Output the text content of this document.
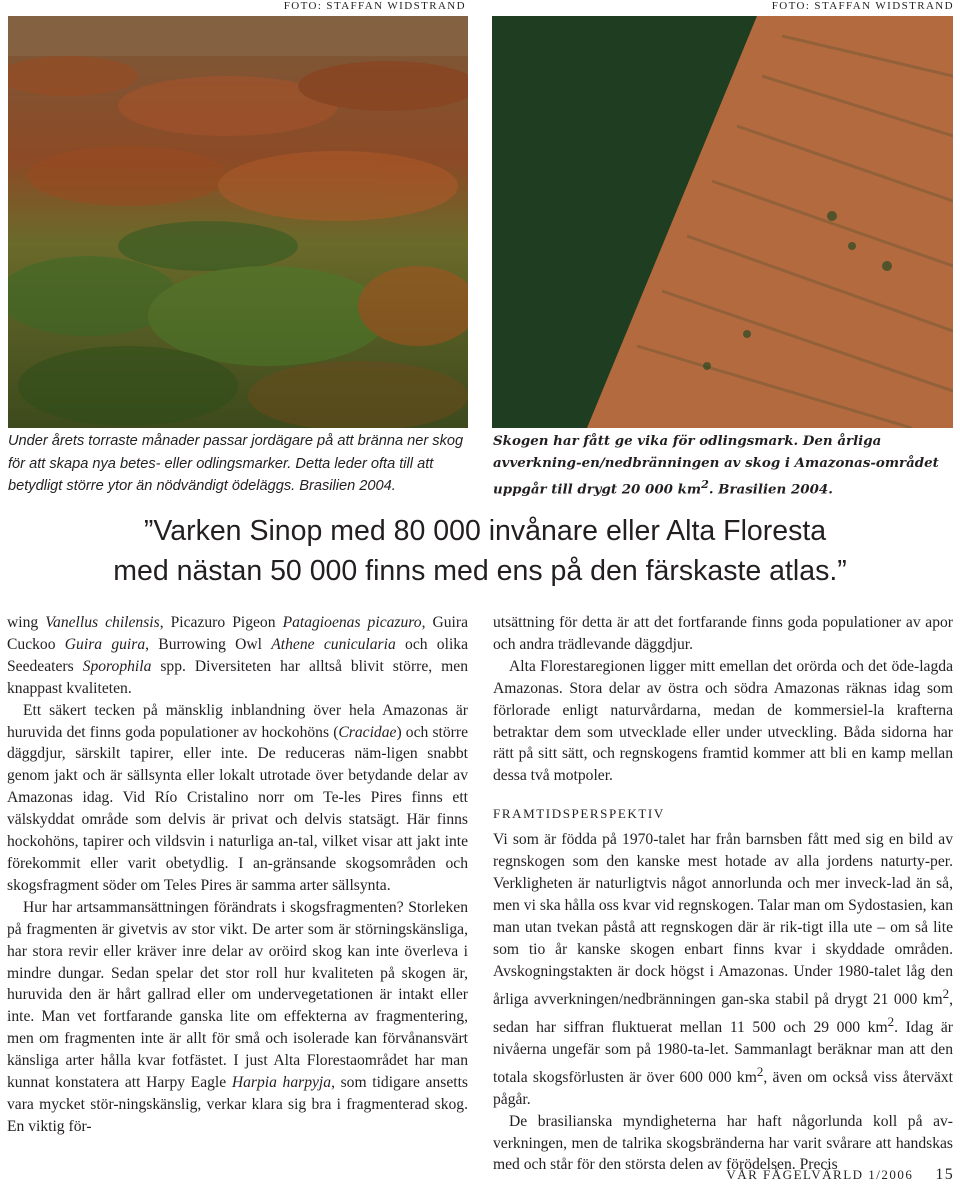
FOTO: STAFFAN WIDSTRAND	FOTO: STAFFAN WIDSTRAND
Under årets torraste månader passar jordägare på att bränna ner skog för att skapa nya betes- eller odlingsmarker. Detta leder ofta till att betydligt större ytor än nödvändigt ödeläggs. Brasilien 2004.
Skogen har fått ge vika för odlingsmark. Den årliga avverkning-en/nedbränningen av skog i Amazonas-området uppgår till drygt 20 000 $km^2$. Brasilien 2004.
”Varken Sinop med 80 000 invånare eller Alta Floresta
med nästan 50 000 finns med ens på den färskaste atlas.”

wing Vanellus chilensis, Picazuro Pigeon Patagioenas picazuro, Guira Cuckoo Guira guira, Burrowing Owl Athene cunicularia och olika Seedeaters Sporophila spp. Diversiteten har alltså blivit större, men knappast kvaliteten.

Ett säkert tecken på mänsklig inblandning över hela Amazonas är huruvida det finns goda populationer av hockohöns (Cracidae) och större däggdjur, särskilt tapirer, eller inte. De reduceras näm-ligen snabbt genom jakt och är sällsynta eller lokalt utrotade över betydande delar av Amazonas idag. Vid Río Cristalino norr om Te-les Pires finns ett välskyddat område som delvis är privat och delvis statsägt. Här finns hockohöns, tapirer och vildsvin i naturliga an-tal, vilket visar att jakt inte förekommit eller varit obetydlig. I an-gränsande skogsområden och skogsfragment söder om Teles Pires är samma arter sällsynta.

Hur har artsammansättningen förändrats i skogsfragmenten? Storleken på fragmenten är givetvis av stor vikt. De arter som är störningskänsliga, har stora revir eller kräver inre delar av oröird skog kan inte överleva i mindre dungar. Sedan spelar det stor roll hur kvaliteten på skogen är, huruvida den är hårt gallrad eller om undervegetationen är intakt eller inte. Man vet fortfarande ganska lite om effekterna av fragmentering, men om fragmenten inte är allt för små och isolerade kan förvånansvärt känsliga arter hålla kvar fotfästet. I just Alta Florestaområdet har man kunnat konstatera att Harpy Eagle Harpia harpyja, som tidigare ansetts vara mycket stör-ningskänslig, verkar klara sig bra i fragmenterad skog. En viktig för-

utsättning för detta är att det fortfarande finns goda populationer av apor och andra trädlevande däggdjur.

Alta Florestaregionen ligger mitt emellan det orörda och det öde-lagda Amazonas. Stora delar av östra och södra Amazonas räknas idag som förlorade enligt naturvårdarna, medan de kommersiel-la krafterna betraktar dem som utvecklade eller under utveckling. Båda sidorna har rätt på sitt sätt, och regnskogens framtid kommer att bli en kamp mellan dessa två motpoler.

FRAMTIDSPERSPEKTIV

Vi som är födda på 1970-talet har från barnsben fått med sig en bild av regnskogen som den kanske mest hotade av alla jordens naturty-per. Verkligheten är naturligtvis något annorlunda och mer inveck-lad än så, men vi ska hålla oss kvar vid regnskogen. Talar man om Sydostasien, kan man utan tvekan påstå att regnskogen där är rik-tigt illa ute – om så lite som tio år kanske skogen enbart finns kvar i skyddade områden. Avskogningstakten är dock högst i Amazonas. Under 1980-talet låg den årliga avverkningen/nedbränningen gan-ska stabil på drygt 21 000 $km^2$, sedan har siffran fluktuerat mellan 11 500 och 29 000 $km^2$. Idag är nivåerna ungefär som på 1980-ta-let. Sammanlagt beräknar man att den totala skogsförlusten är över 600 000 $km^2$, även om också viss återväxt pågår.

De brasilianska myndigheterna har haft någorlunda koll på av-verkningen, men de talrika skogsbränderna har varit svårare att handskas med och står för den största delen av förödelsen. Precis

VÅR FÅGELVÄRLD 1/2006 15
